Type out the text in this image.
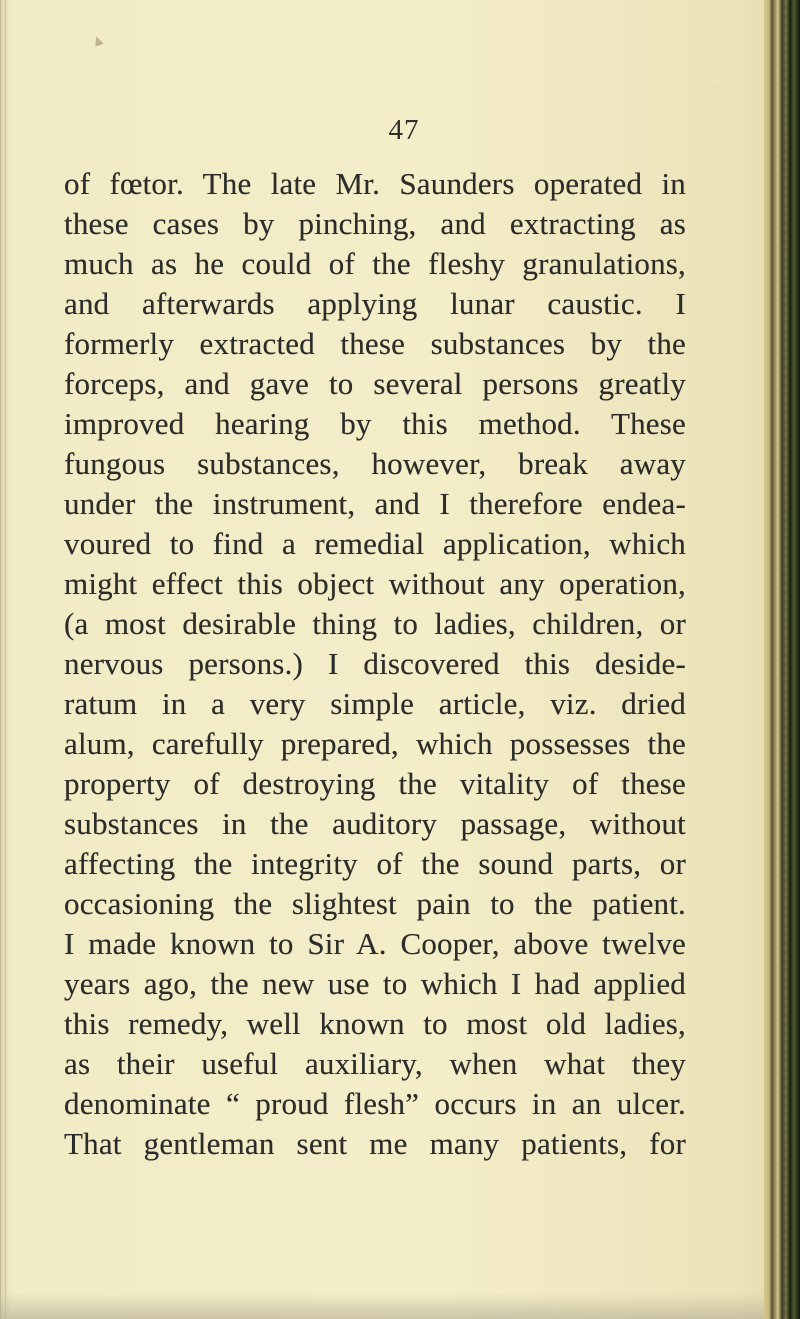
▲
·
·
47
of fœtor. The late Mr. Saunders operated in
these cases by pinching, and extracting as
much as he could of the fleshy granulations,
and afterwards applying lunar caustic. I
formerly extracted these substances by the
forceps, and gave to several persons greatly
improved hearing by this method. These
fungous substances, however, break away
under the instrument, and I therefore endea-
voured to find a remedial application, which
might effect this object without any operation,
(a most desirable thing to ladies, children, or
nervous persons.) I discovered this deside-
ratum in a very simple article, viz. dried
alum, carefully prepared, which possesses the
property of destroying the vitality of these
substances in the auditory passage, without
affecting the integrity of the sound parts, or
occasioning the slightest pain to the patient.
I made known to Sir A. Cooper, above twelve
years ago, the new use to which I had applied
this remedy, well known to most old ladies,
as their useful auxiliary, when what they
denominate “ proud flesh” occurs in an ulcer.
That gentleman sent me many patients, for
